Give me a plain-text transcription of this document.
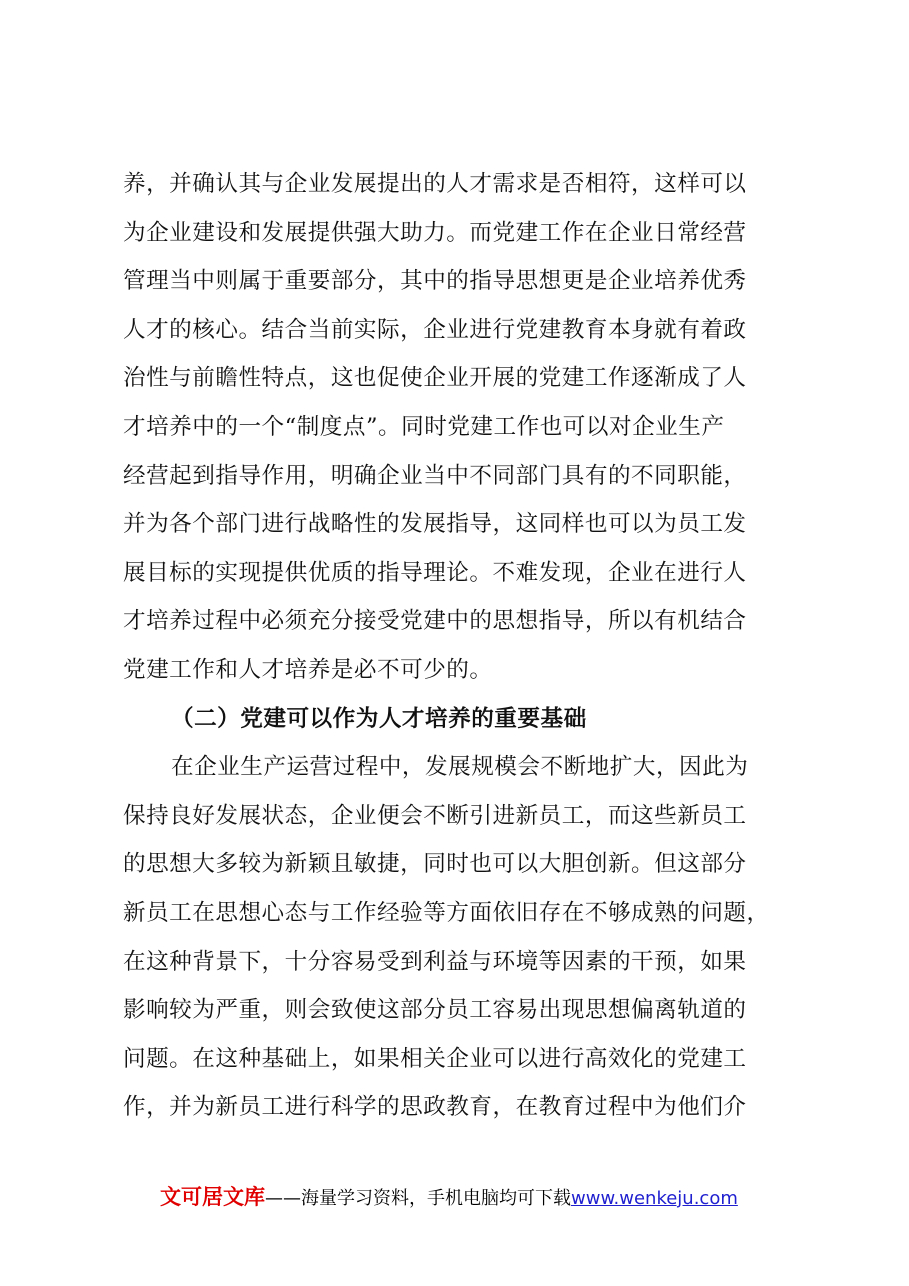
养，并确认其与企业发展提出的人才需求是否相符，这样可以
为企业建设和发展提供强大助力。而党建工作在企业日常经营
管理当中则属于重要部分，其中的指导思想更是企业培养优秀
人才的核心。结合当前实际，企业进行党建教育本身就有着政
治性与前瞻性特点，这也促使企业开展的党建工作逐渐成了人
才培养中的一个“制度点”。同时党建工作也可以对企业生产
经营起到指导作用，明确企业当中不同部门具有的不同职能，
并为各个部门进行战略性的发展指导，这同样也可以为员工发
展目标的实现提供优质的指导理论。不难发现，企业在进行人
才培养过程中必须充分接受党建中的思想指导，所以有机结合
党建工作和人才培养是必不可少的。
（二）党建可以作为人才培养的重要基础
在企业生产运营过程中，发展规模会不断地扩大，因此为
保持良好发展状态，企业便会不断引进新员工，而这些新员工
的思想大多较为新颖且敏捷，同时也可以大胆创新。但这部分
新员工在思想心态与工作经验等方面依旧存在不够成熟的问题，
在这种背景下，十分容易受到利益与环境等因素的干预，如果
影响较为严重，则会致使这部分员工容易出现思想偏离轨道的
问题。在这种基础上，如果相关企业可以进行高效化的党建工
作，并为新员工进行科学的思政教育，在教育过程中为他们介
文可居文库——海量学习资料，手机电脑均可下载www.wenkeju.com
